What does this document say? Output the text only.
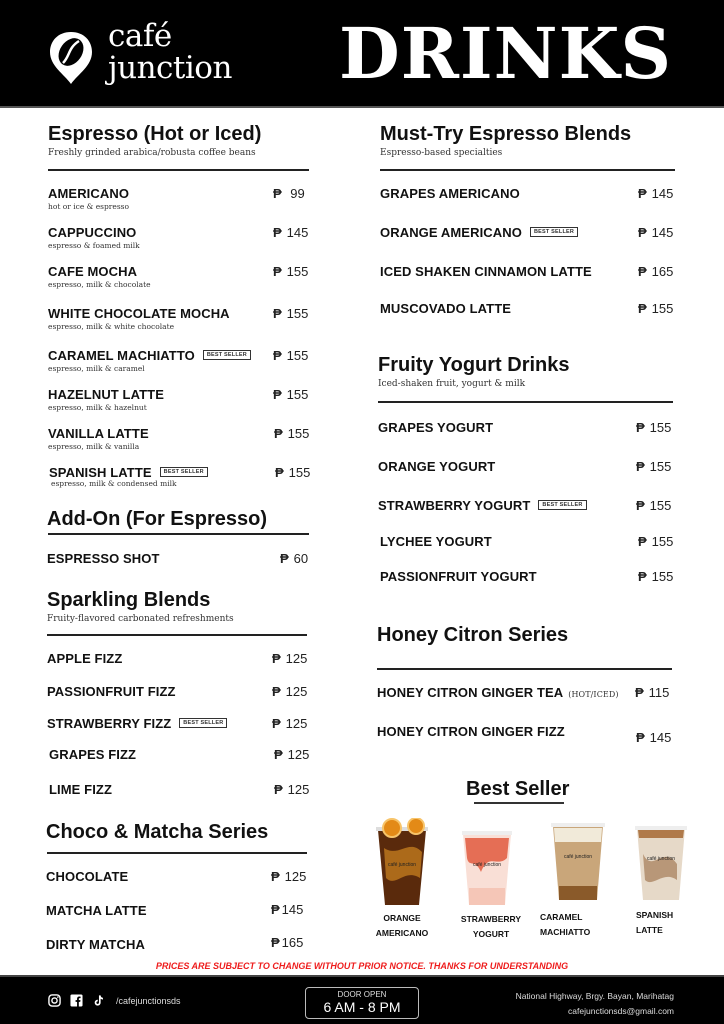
café
junction DRINKS
Espresso (Hot or Iced)
Freshly grinded arabica/robusta coffee beans
AMERICANO
hot or ice & espresso
₱ 99
CAPPUCCINO
espresso & foamed milk
₱ 145
CAFE MOCHA
espresso, milk & chocolate
₱ 155
WHITE CHOCOLATE MOCHA
espresso, milk & white chocolate
₱ 155
CARAMEL MACHIATTO BEST SELLER
espresso, milk & caramel
₱ 155
HAZELNUT LATTE
espresso, milk & hazelnut
₱ 155
VANILLA LATTE
espresso, milk & vanilla
₱ 155
SPANISH LATTE BEST SELLER
espresso, milk & condensed milk
₱ 155
Add-On (For Espresso)
ESPRESSO SHOT	₱ 60
Sparkling Blends
Fruity-flavored carbonated refreshments
APPLE FIZZ	₱ 125
PASSIONFRUIT FIZZ	₱ 125
STRAWBERRY FIZZ BEST SELLER	₱ 125
GRAPES FIZZ	₱ 125
LIME FIZZ	₱ 125
Choco & Matcha Series
CHOCOLATE	₱ 125
MATCHA LATTE	₱ 145
DIRTY MATCHA	₱ 165
Must-Try Espresso Blends
Espresso-based specialties
GRAPES AMERICANO	₱ 145
ORANGE AMERICANO BEST SELLER	₱ 145
ICED SHAKEN CINNAMON LATTE	₱ 165
MUSCOVADO LATTE	₱ 155
Fruity Yogurt Drinks
Iced-shaken fruit, yogurt & milk
GRAPES YOGURT	₱ 155
ORANGE YOGURT	₱ 155
STRAWBERRY YOGURT BEST SELLER	₱ 155
LYCHEE YOGURT	₱ 155
PASSIONFRUIT YOGURT	₱ 155
Honey Citron Series
HONEY CITRON GINGER TEA (HOT/ICED) ₱ 115
HONEY CITRON GINGER FIZZ	₱ 145
Best Seller
café junction	café junction
café junction	café junction
ORANGE
AMERICANO
STRAWBERRY
YOGURT
CARAMEL
MACHIATTO
SPANISH
LATTE
PRICES ARE SUBJECT TO CHANGE WITHOUT PRIOR NOTICE. THANKS FOR UNDERSTANDING
/cafejunctionsds
DOOR OPEN
6 AM - 8 PM
National Highway, Brgy. Bayan, Marihatag
cafejunctionsds@gmail.com
